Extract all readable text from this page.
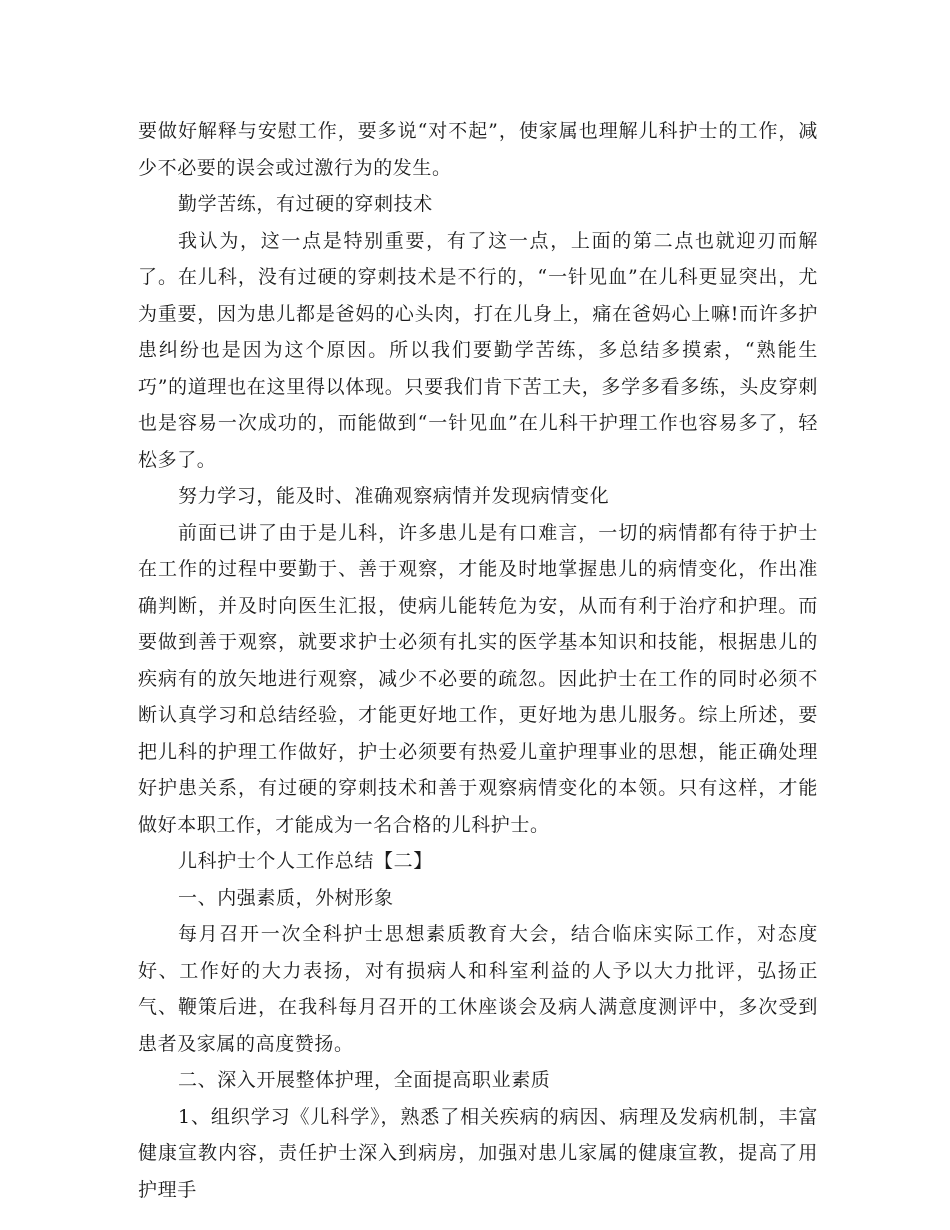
要做好解释与安慰工作，要多说“对不起”，使家属也理解儿科护士的工作，减少不必要的误会或过激行为的发生。

勤学苦练，有过硬的穿刺技术

我认为，这一点是特别重要，有了这一点，上面的第二点也就迎刃而解了。在儿科，没有过硬的穿刺技术是不行的，“一针见血”在儿科更显突出，尤为重要，因为患儿都是爸妈的心头肉，打在儿身上，痛在爸妈心上嘛!而许多护患纠纷也是因为这个原因。所以我们要勤学苦练，多总结多摸索，“熟能生巧”的道理也在这里得以体现。只要我们肯下苦工夫，多学多看多练，头皮穿刺也是容易一次成功的，而能做到“一针见血”在儿科干护理工作也容易多了，轻松多了。

努力学习，能及时、准确观察病情并发现病情变化

前面已讲了由于是儿科，许多患儿是有口难言，一切的病情都有待于护士在工作的过程中要勤于、善于观察，才能及时地掌握患儿的病情变化，作出准确判断，并及时向医生汇报，使病儿能转危为安，从而有利于治疗和护理。而要做到善于观察，就要求护士必须有扎实的医学基本知识和技能，根据患儿的疾病有的放矢地进行观察，减少不必要的疏忽。因此护士在工作的同时必须不断认真学习和总结经验，才能更好地工作，更好地为患儿服务。综上所述，要把儿科的护理工作做好，护士必须要有热爱儿童护理事业的思想，能正确处理好护患关系，有过硬的穿刺技术和善于观察病情变化的本领。只有这样，才能做好本职工作，才能成为一名合格的儿科护士。

儿科护士个人工作总结【二】

一、内强素质，外树形象

每月召开一次全科护士思想素质教育大会，结合临床实际工作，对态度好、工作好的大力表扬，对有损病人和科室利益的人予以大力批评，弘扬正气、鞭策后进，在我科每月召开的工休座谈会及病人满意度测评中，多次受到患者及家属的高度赞扬。

二、深入开展整体护理，全面提高职业素质

1、组织学习《儿科学》，熟悉了相关疾病的病因、病理及发病机制，丰富健康宣教内容，责任护士深入到病房，加强对患儿家属的健康宣教，提高了用护理手
